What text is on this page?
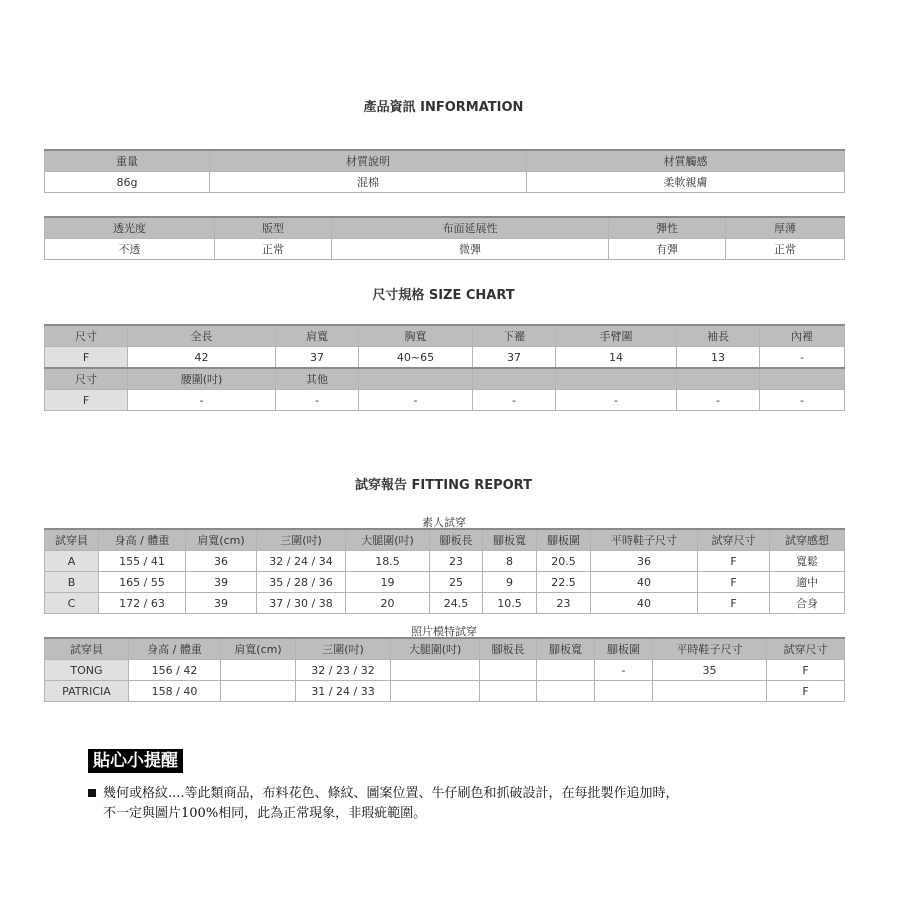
產品資訊 INFORMATION
重量	材質說明	材質觸感
86g	混棉	柔軟親膚
透光度	版型	布面延展性	彈性	厚薄
不透	正常	微彈	有彈	正常
尺寸規格 SIZE CHART
尺寸	全長	肩寬	胸寬	下襬	手臂圍	袖長	內裡
F	42	37	40~65	37	14	13	-
尺寸	腰圍(吋)	其他					
F	-	-	-	-	-	-	-
試穿報告 FITTING REPORT
素人試穿
試穿員	身高 / 體重	肩寬(cm)	三圍(吋)	大腿圍(吋)	腳板長	腳板寬	腳板圍	平時鞋子尺寸	試穿尺寸	試穿感想
A	155 / 41	36	32 / 24 / 34	18.5	23	8	20.5	36	F	寬鬆
B	165 / 55	39	35 / 28 / 36	19	25	9	22.5	40	F	適中
C	172 / 63	39	37 / 30 / 38	20	24.5	10.5	23	40	F	合身
照片模特試穿
試穿員	身高 / 體重	肩寬(cm)	三圍(吋)	大腿圍(吋)	腳板長	腳板寬	腳板圍	平時鞋子尺寸	試穿尺寸
TONG	156 / 42		32 / 23 / 32				-	35	F
PATRICIA	158 / 40		31 / 24 / 33						F
貼心小提醒
幾何或格紋....等此類商品，布料花色、條紋、圖案位置、牛仔刷色和抓破設計，在每批製作追加時，
不一定與圖片100%相同，此為正常現象，非瑕疵範圍。
